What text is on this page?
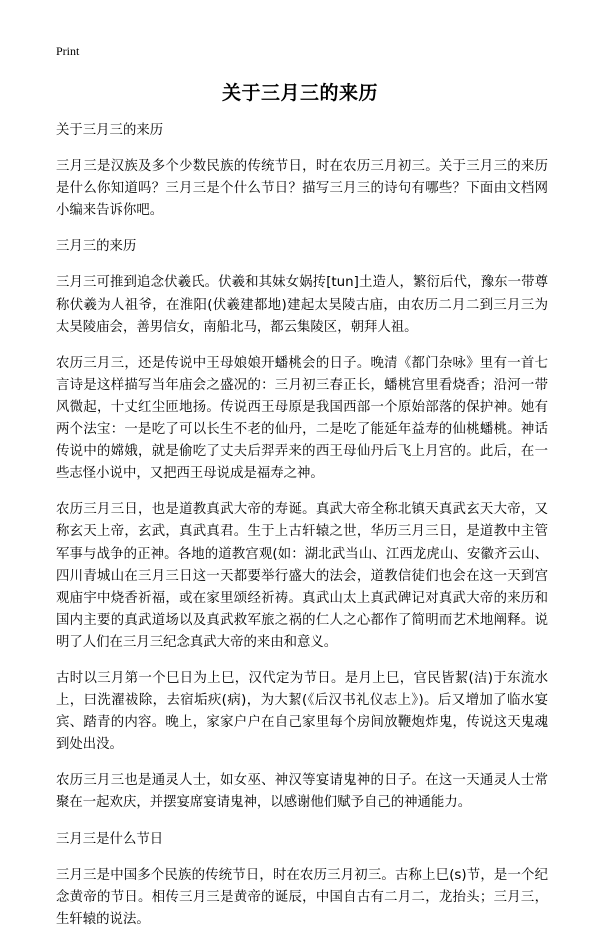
Print
关于三月三的来历

关于三月三的来历

三月三是汉族及多个少数民族的传统节日，时在农历三月初三。关于三月三的来历是什么你知道吗？三月三是个什么节日？描写三月三的诗句有哪些？下面由文档网小编来告诉你吧。

三月三的来历

三月三可推到追念伏羲氏。伏羲和其妹女娲抟[tun]土造人，繁衍后代，豫东一带尊称伏羲为人祖爷，在淮阳(伏羲建都地)建起太昊陵古庙，由农历二月二到三月三为太昊陵庙会，善男信女，南船北马，都云集陵区，朝拜人祖。

农历三月三，还是传说中王母娘娘开蟠桃会的日子。晚清《都门杂咏》里有一首七言诗是这样描写当年庙会之盛况的：三月初三春正长，蟠桃宫里看烧香；沿河一带风微起，十丈红尘匝地扬。传说西王母原是我国西部一个原始部落的保护神。她有两个法宝：一是吃了可以长生不老的仙丹，二是吃了能延年益寿的仙桃蟠桃。神话传说中的嫦娥，就是偷吃了丈夫后羿弄来的西王母仙丹后飞上月宫的。此后，在一些志怪小说中，又把西王母说成是福寿之神。

农历三月三日，也是道教真武大帝的寿诞。真武大帝全称北镇天真武玄天大帝，又称玄天上帝，玄武，真武真君。生于上古轩辕之世，华历三月三日，是道教中主管军事与战争的正神。各地的道教宫观(如：湖北武当山、江西龙虎山、安徽齐云山、四川青城山在三月三日这一天都要举行盛大的法会，道教信徒们也会在这一天到宫观庙宇中烧香祈福，或在家里颂经祈祷。真武山太上真武碑记对真武大帝的来历和国内主要的真武道场以及真武救军旅之祸的仁人之心都作了简明而艺术地阐释。说明了人们在三月三纪念真武大帝的来由和意义。

古时以三月第一个巳日为上巳，汉代定为节日。是月上巳，官民皆絜(洁)于东流水上，曰洗濯祓除，去宿垢疢(病)，为大絜(《后汉书礼仪志上》)。后又增加了临水宴宾、踏青的内容。晚上，家家户户在自己家里每个房间放鞭炮炸鬼，传说这天鬼魂到处出没。

农历三月三也是通灵人士，如女巫、神汉等宴请鬼神的日子。在这一天通灵人士常聚在一起欢庆，并摆宴席宴请鬼神，以感谢他们赋予自己的神通能力。

三月三是什么节日

三月三是中国多个民族的传统节日，时在农历三月初三。古称上巳(s)节，是一个纪念黄帝的节日。相传三月三是黄帝的诞辰，中国自古有二月二，龙抬头；三月三，生轩辕的说法。
